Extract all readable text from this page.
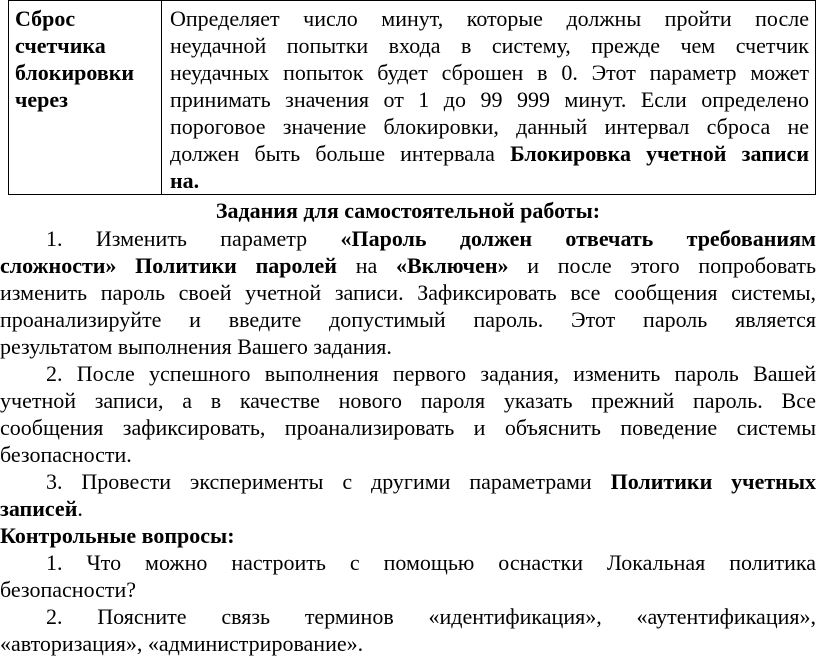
Сброс
счетчика
блокировки
через

Определяет число минут, которые должны пройти после
неудачной попытки входа в систему, прежде чем счетчик
неудачных попыток будет сброшен в 0. Этот параметр может
принимать значения от 1 до 99 999 минут. Если определено
пороговое значение блокировки, данный интервал сброса не
должен быть больше интервала Блокировка учетной записи
на.
Задания для самостоятельной работы:
1. Изменить параметр «Пароль должен отвечать требованиям
сложности» Политики паролей на «Включен» и после этого попробовать
изменить пароль своей учетной записи. Зафиксировать все сообщения системы,
проанализируйте и введите допустимый пароль. Этот пароль является
результатом выполнения Вашего задания.
2. После успешного выполнения первого задания, изменить пароль Вашей
учетной записи, а в качестве нового пароля указать прежний пароль. Все
сообщения зафиксировать, проанализировать и объяснить поведение системы
безопасности.
3. Провести эксперименты с другими параметрами Политики учетных
записей.
Контрольные вопросы:
1. Что можно настроить с помощью оснастки Локальная политика
безопасности?
2. Поясните связь терминов «идентификация», «аутентификация»,
«авторизация», «администрирование».
